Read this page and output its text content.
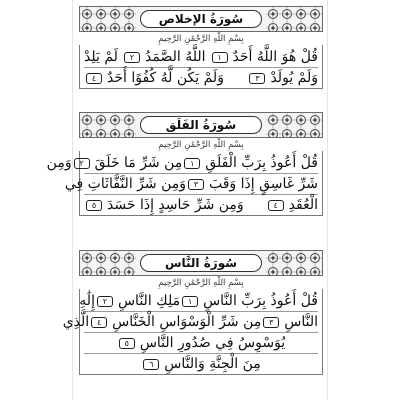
سُورَةُ الإخلاص
بِسْمِ اللَّهِ الرَّحْمَٰنِ الرَّحِيمِ
قُلْ هُوَ اللَّهُ أَحَدٌ
١
اللَّهُ الصَّمَدُ
٢
لَمْ يَلِدْ
وَلَمْ يُولَدْ
٣
وَلَمْ يَكُن لَّهُ كُفُوًا أَحَدٌ
٤
سُورَةُ الفَلَق
بِسْمِ اللَّهِ الرَّحْمَٰنِ الرَّحِيمِ
قُلْ أَعُوذُ بِرَبِّ الْفَلَقِ
١
مِن شَرِّ مَا خَلَقَ
٢
وَمِن
شَرِّ غَاسِقٍ إِذَا وَقَبَ
٣
وَمِن شَرِّ النَّفَّاثَاتِ فِي
الْعُقَدِ
٤
وَمِن شَرِّ حَاسِدٍ إِذَا حَسَدَ
٥
سُورَةُ النَّاس
بِسْمِ اللَّهِ الرَّحْمَٰنِ الرَّحِيمِ
قُلْ أَعُوذُ بِرَبِّ النَّاسِ
١
مَلِكِ النَّاسِ
٢
إِلَٰهِ
النَّاسِ
٣
مِن شَرِّ الْوَسْوَاسِ الْخَنَّاسِ
٤
الَّذِي
يُوَسْوِسُ فِي صُدُورِ النَّاسِ
٥
مِنَ الْجِنَّةِ وَالنَّاسِ
٦
